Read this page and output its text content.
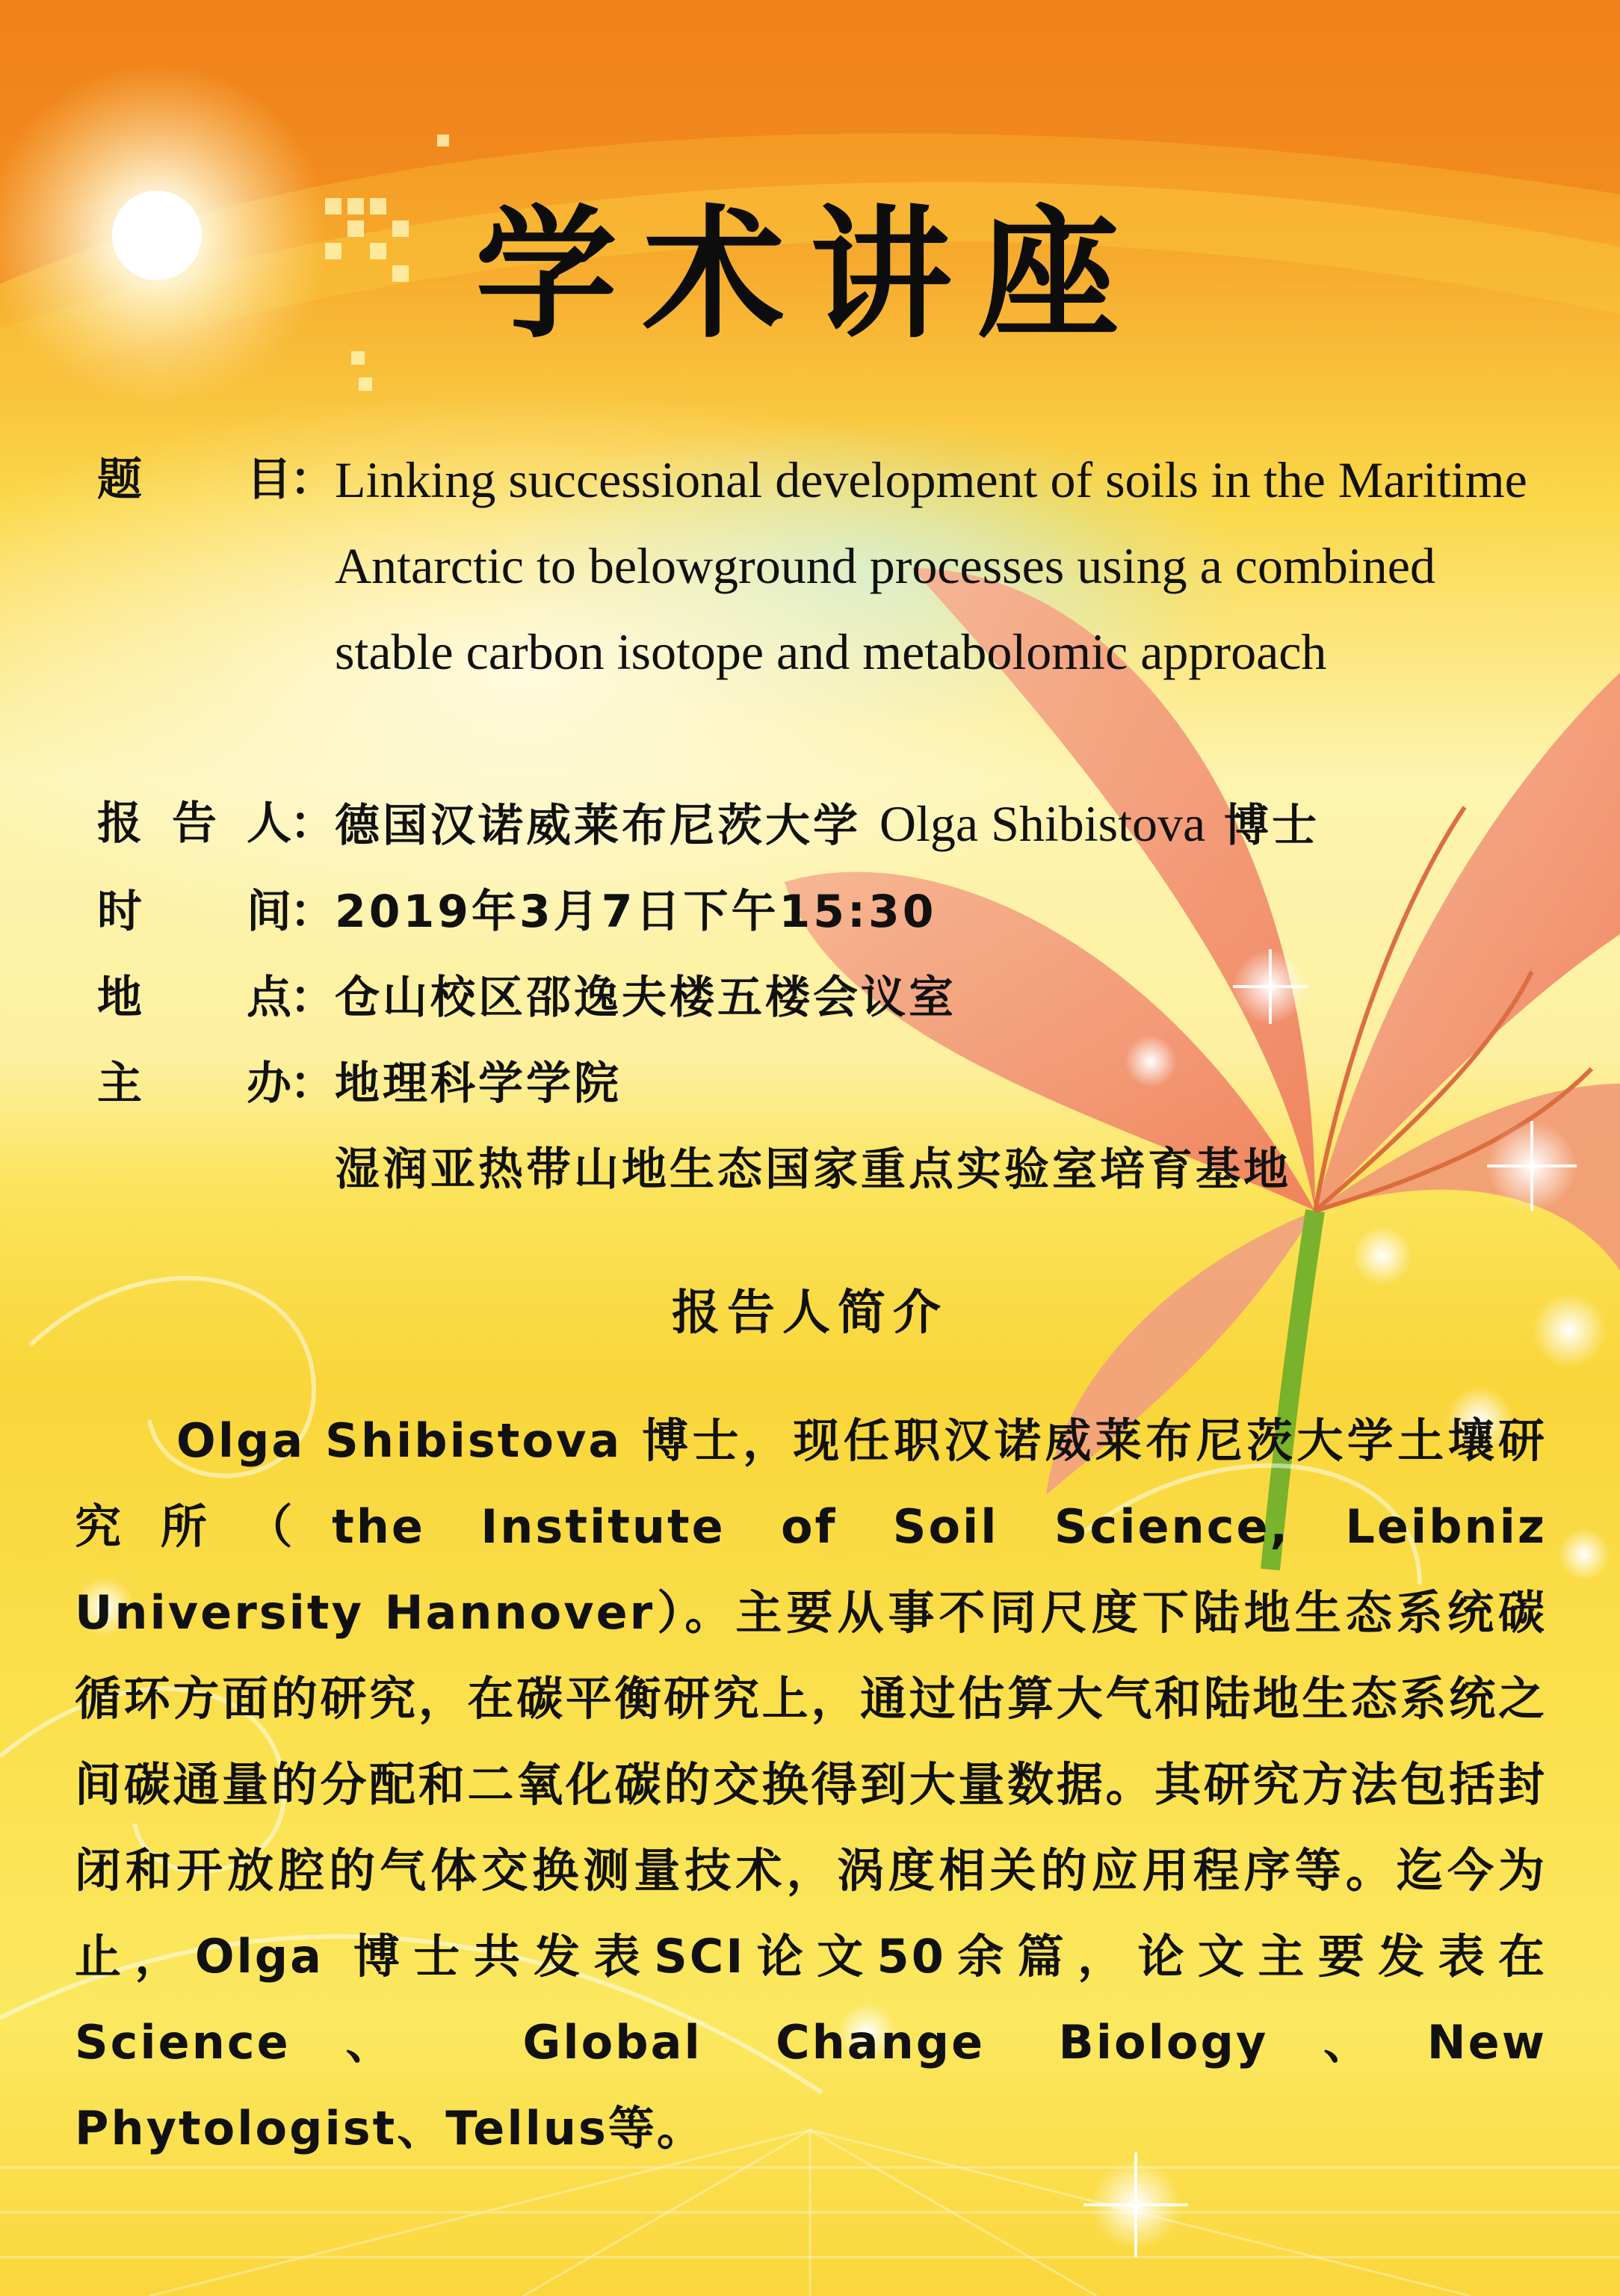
学术讲座
题 目
： Linking successional development of soils in the Maritime Antarctic to belowground processes using a combined stable carbon isotope and metabolomic approach
报 告 人
： 德国汉诺威莱布尼茨大学 Olga Shibistova 博士
时 间
： 2019年3月7日下午15:30
地 点
： 仓山校区邵逸夫楼五楼会议室
主 办
： 地理科学学院
湿润亚热带山地生态国家重点实验室培育基地
报告人简介

Olga Shibistova 博士，现任职汉诺威莱布尼茨大学土壤研究所（the Institute of Soil Science, Leibniz University Hannover）。主要从事不同尺度下陆地生态系统碳循环方面的研究，在碳平衡研究上，通过估算大气和陆地生态系统之间碳通量的分配和二氧化碳的交换得到大量数据。其研究方法包括封闭和开放腔的气体交换测量技术，涡度相关的应用程序等。迄今为止，Olga 博士共发表SCI论文50余篇，论文主要发表在Science、 Global Change Biology、New Phytologist、Tellus等。
